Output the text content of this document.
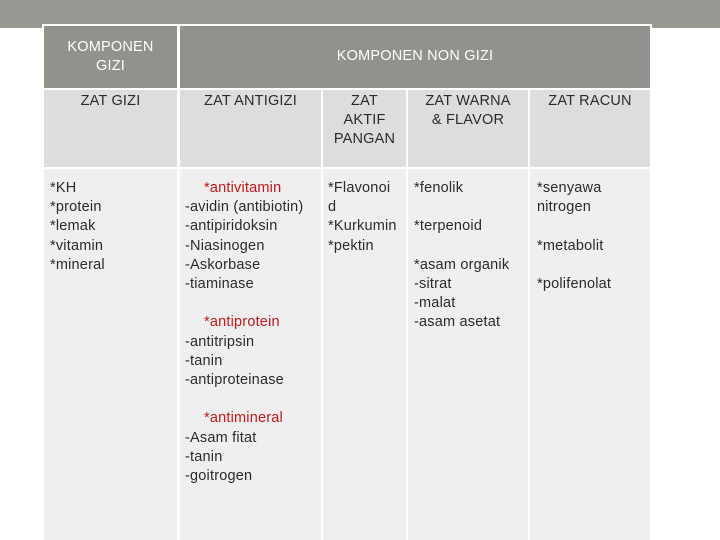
KOMPONEN GIZI
KOMPONEN NON GIZI
ZAT GIZI	ZAT ANTIGIZI	ZAT
AKTIF
PANGAN
ZAT WARNA
& FLAVOR
ZAT RACUN
*KH
*protein
*lemak
*vitamin
*mineral
*antivitamin
-avidin (antibiotin)
-antipiridoksin
-Niasinogen
-Askorbase
-tiaminase
*antiprotein
-antitripsin
-tanin
-antiproteinase
*antimineral
-Asam fitat
-tanin
-goitrogen
*Flavonoi
d
*Kurkumin
*pektin
*fenolik
*terpenoid
*asam organik
-sitrat
-malat
-asam asetat
*senyawa
nitrogen
*metabolit
*polifenolat
